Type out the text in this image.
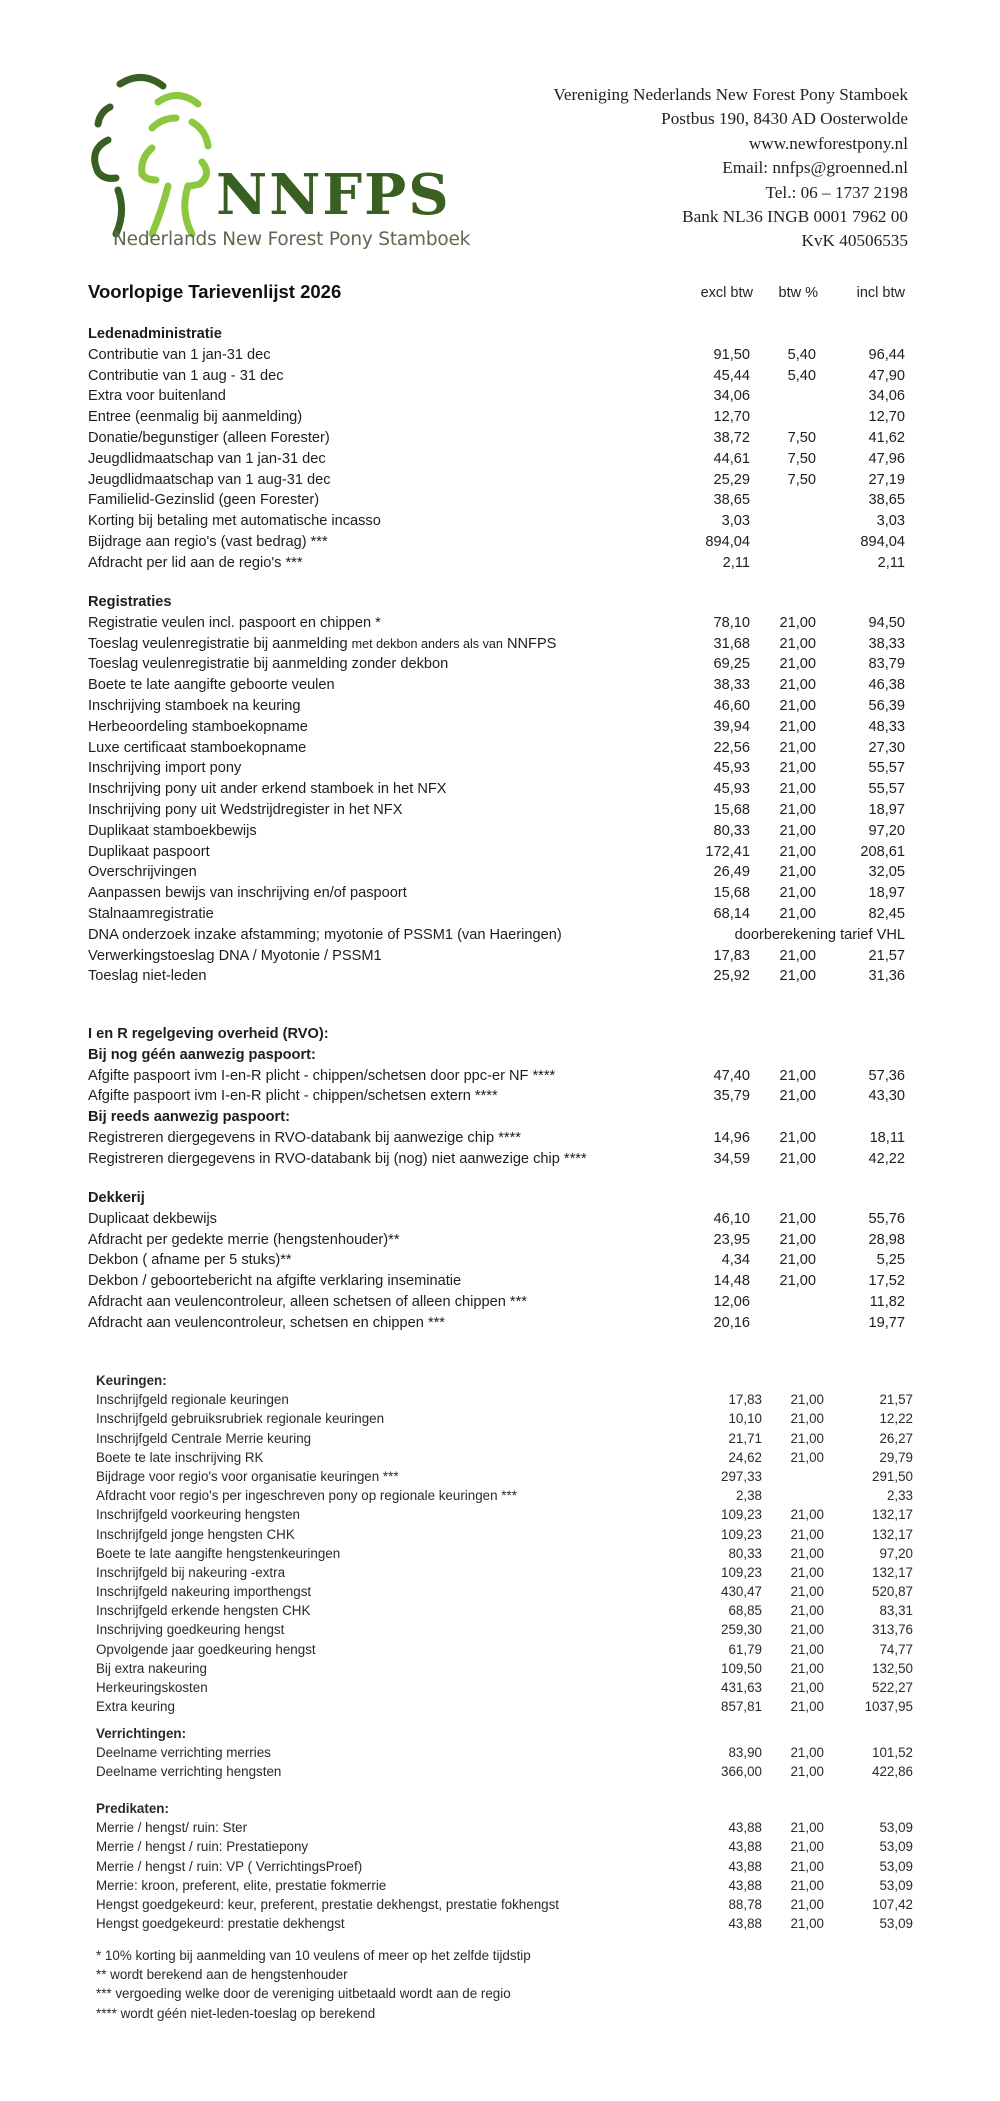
NNFPS
Nederlands New Forest Pony Stamboek
Vereniging Nederlands New Forest Pony Stamboek
Postbus 190, 8430 AD Oosterwolde
www.newforestpony.nl
Email: nnfps@groenned.nl
Tel.: 06 – 1737 2198
Bank NL36 INGB 0001 7962 00
KvK 40506535
Voorlopige Tarievenlijst 2026	excl btw btw %	incl btw
Ledenadministratie
Contributie van 1 jan-31 dec	91,50	5,40	96,44
Contributie van 1 aug - 31 dec	45,44	5,40	47,90
Extra voor buitenland	34,06	34,06
Entree (eenmalig bij aanmelding)	12,70	12,70
Donatie/begunstiger (alleen Forester)	38,72	7,50	41,62
Jeugdlidmaatschap van 1 jan-31 dec	44,61	7,50	47,96
Jeugdlidmaatschap van 1 aug-31 dec	25,29	7,50	27,19
Familielid-Gezinslid (geen Forester)	38,65	38,65
Korting bij betaling met automatische incasso	3,03	3,03
Bijdrage aan regio's (vast bedrag) ***	894,04	894,04
Afdracht per lid aan de regio's ***	2,11	2,11
Registraties
Registratie veulen incl. paspoort en chippen *	78,10 21,00	94,50
Toeslag veulenregistratie bij aanmelding met dekbon anders als van NNFPS	31,68 21,00	38,33
Toeslag veulenregistratie bij aanmelding zonder dekbon	69,25 21,00	83,79
Boete te late aangifte geboorte veulen	38,33 21,00	46,38
Inschrijving stamboek na keuring	46,60 21,00	56,39
Herbeoordeling stamboekopname	39,94 21,00	48,33
Luxe certificaat stamboekopname	22,56 21,00	27,30
Inschrijving import pony	45,93 21,00	55,57
Inschrijving pony uit ander erkend stamboek in het NFX	45,93 21,00	55,57
Inschrijving pony uit Wedstrijdregister in het NFX	15,68 21,00	18,97
Duplikaat stamboekbewijs	80,33 21,00	97,20
Duplikaat paspoort	172,41 21,00	208,61
Overschrijvingen	26,49 21,00	32,05
Aanpassen bewijs van inschrijving en/of paspoort	15,68 21,00	18,97
Stalnaamregistratie	68,14 21,00	82,45
DNA onderzoek inzake afstamming; myotonie of PSSM1 (van Haeringen)	doorberekening tarief VHL
Verwerkingstoeslag DNA / Myotonie / PSSM1	17,83 21,00	21,57
Toeslag niet-leden	25,92 21,00	31,36
I en R regelgeving overheid (RVO):
Bij nog géén aanwezig paspoort:
Afgifte paspoort ivm I-en-R plicht - chippen/schetsen door ppc-er NF ****	47,40 21,00	57,36
Afgifte paspoort ivm I-en-R plicht - chippen/schetsen extern ****	35,79 21,00	43,30
Bij reeds aanwezig paspoort:
Registreren diergegevens in RVO-databank bij aanwezige chip ****	14,96 21,00	18,11
Registreren diergegevens in RVO-databank bij (nog) niet aanwezige chip ****	34,59 21,00	42,22
Dekkerij
Duplicaat dekbewijs	46,10 21,00	55,76
Afdracht per gedekte merrie (hengstenhouder)**	23,95 21,00	28,98
Dekbon ( afname per 5 stuks)**	4,34 21,00	5,25
Dekbon / geboortebericht na afgifte verklaring inseminatie	14,48 21,00	17,52
Afdracht aan veulencontroleur, alleen schetsen of alleen chippen ***	12,06	11,82
Afdracht aan veulencontroleur, schetsen en chippen ***	20,16	19,77
Keuringen:
Inschrijfgeld regionale keuringen	17,83 21,00	21,57
Inschrijfgeld gebruiksrubriek regionale keuringen	10,10 21,00	12,22
Inschrijfgeld Centrale Merrie keuring	21,71 21,00	26,27
Boete te late inschrijving RK	24,62 21,00	29,79
Bijdrage voor regio's voor organisatie keuringen ***	297,33	291,50
Afdracht voor regio's per ingeschreven pony op regionale keuringen ***	2,38	2,33
Inschrijfgeld voorkeuring hengsten	109,23 21,00	132,17
Inschrijfgeld jonge hengsten CHK	109,23 21,00	132,17
Boete te late aangifte hengstenkeuringen	80,33 21,00	97,20
Inschrijfgeld bij nakeuring -extra	109,23 21,00	132,17
Inschrijfgeld nakeuring importhengst	430,47 21,00	520,87
Inschrijfgeld erkende hengsten CHK	68,85 21,00	83,31
Inschrijving goedkeuring hengst	259,30 21,00	313,76
Opvolgende jaar goedkeuring hengst	61,79 21,00	74,77
Bij extra nakeuring	109,50 21,00	132,50
Herkeuringskosten	431,63 21,00	522,27
Extra keuring	857,81 21,00	1037,95
Verrichtingen:
Deelname verrichting merries	83,90 21,00	101,52
Deelname verrichting hengsten	366,00 21,00	422,86
Predikaten:
Merrie / hengst/ ruin: Ster	43,88 21,00	53,09
Merrie / hengst / ruin: Prestatiepony	43,88 21,00	53,09
Merrie / hengst / ruin: VP ( VerrichtingsProef)	43,88 21,00	53,09
Merrie: kroon, preferent, elite, prestatie fokmerrie	43,88 21,00	53,09
Hengst goedgekeurd: keur, preferent, prestatie dekhengst, prestatie fokhengst	88,78 21,00	107,42
Hengst goedgekeurd: prestatie dekhengst	43,88 21,00	53,09
* 10% korting bij aanmelding van 10 veulens of meer op het zelfde tijdstip
** wordt berekend aan de hengstenhouder
*** vergoeding welke door de vereniging uitbetaald wordt aan de regio
**** wordt géén niet-leden-toeslag op berekend
